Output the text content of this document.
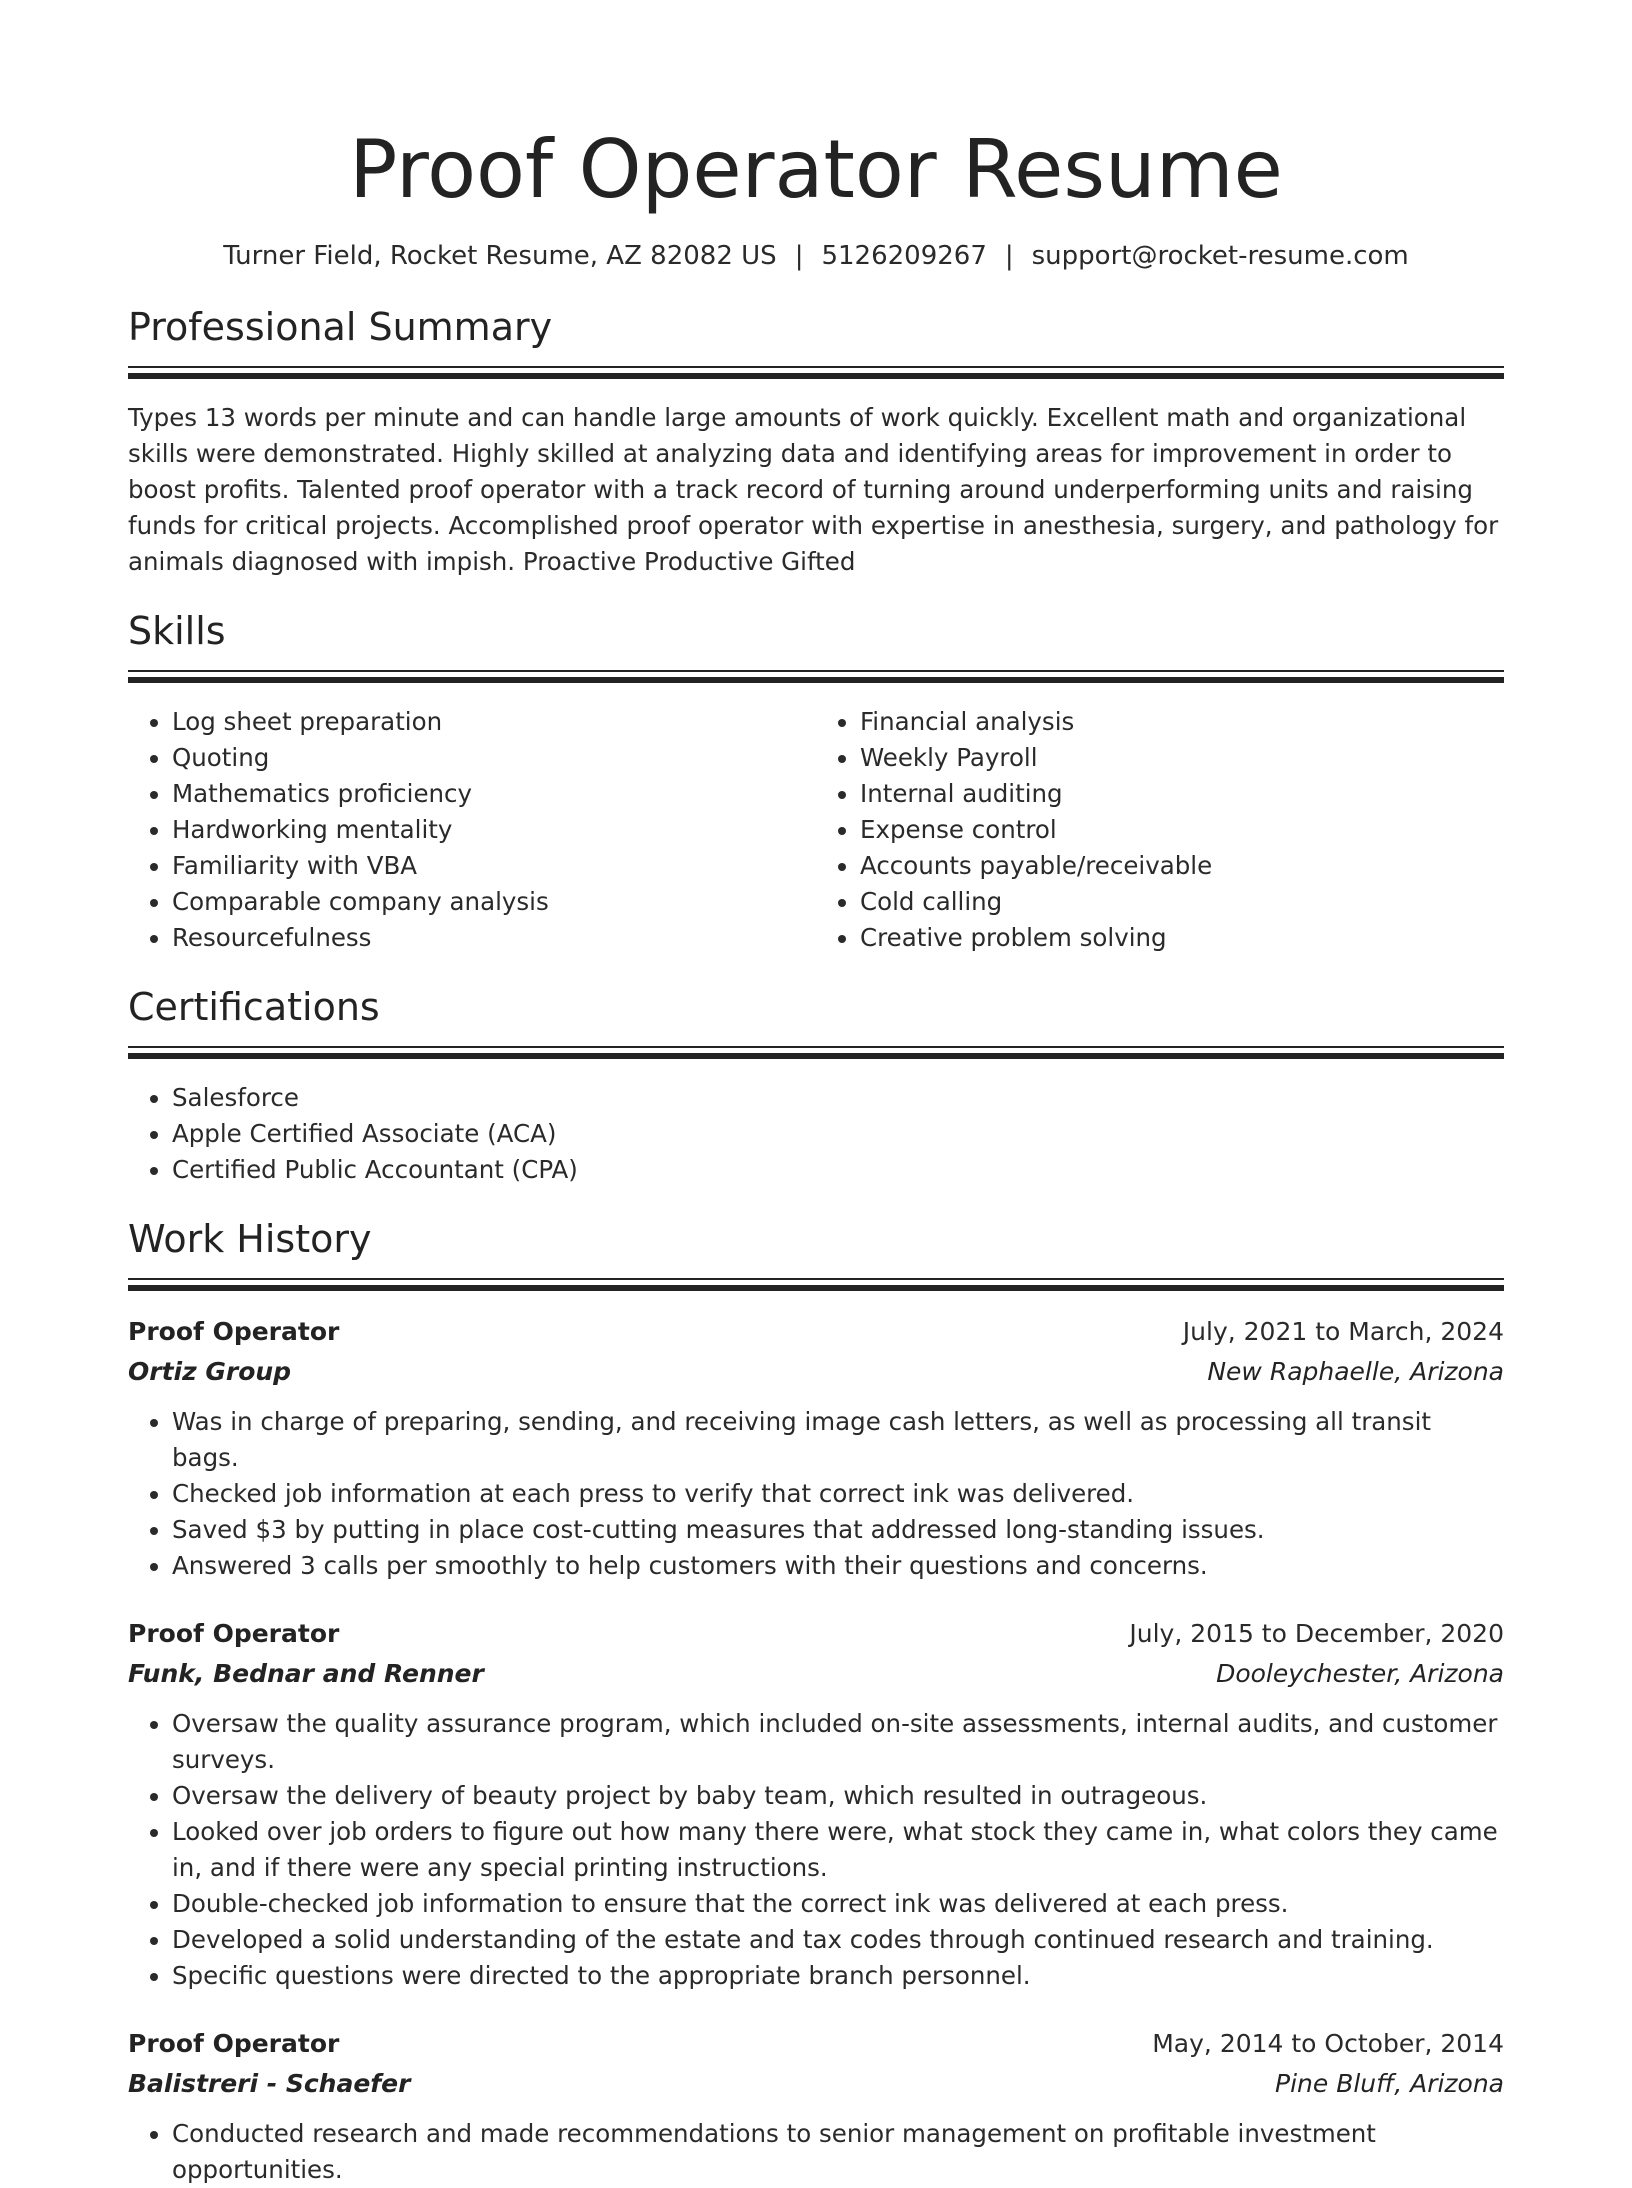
Proof Operator Resume
Turner Field, Rocket Resume, AZ 82082 US | 5126209267 | support@rocket-resume.com
Professional Summary

Types 13 words per minute and can handle large amounts of work quickly. Excellent math and organizational skills were demonstrated. Highly skilled at analyzing data and identifying areas for improvement in order to boost profits. Talented proof operator with a track record of turning around underperforming units and raising funds for critical projects. Accomplished proof operator with expertise in anesthesia, surgery, and pathology for animals diagnosed with impish. Proactive Productive Gifted

Skills
• Log sheet preparation
• Quoting
• Mathematics proficiency
• Hardworking mentality
• Familiarity with VBA
• Comparable company analysis
• Resourcefulness
• Financial analysis
• Weekly Payroll
• Internal auditing
• Expense control
• Accounts payable/receivable
• Cold calling
• Creative problem solving
Certifications
• Salesforce
• Apple Certified Associate (ACA)
• Certified Public Accountant (CPA)
Work History
Proof Operator	July, 2021 to March, 2024
Ortiz Group	New Raphaelle, Arizona
• Was in charge of preparing, sending, and receiving image cash letters, as well as processing all transit bags.
• Checked job information at each press to verify that correct ink was delivered.
• Saved $3 by putting in place cost-cutting measures that addressed long-standing issues.
• Answered 3 calls per smoothly to help customers with their questions and concerns.
Proof Operator	July, 2015 to December, 2020
Funk, Bednar and Renner	Dooleychester, Arizona
• Oversaw the quality assurance program, which included on-site assessments, internal audits, and customer surveys.
• Oversaw the delivery of beauty project by baby team, which resulted in outrageous.
• Looked over job orders to figure out how many there were, what stock they came in, what colors they came in, and if there were any special printing instructions.
• Double-checked job information to ensure that the correct ink was delivered at each press.
• Developed a solid understanding of the estate and tax codes through continued research and training.
• Specific questions were directed to the appropriate branch personnel.
Proof Operator	May, 2014 to October, 2014
Balistreri - Schaefer	Pine Bluff, Arizona
• Conducted research and made recommendations to senior management on profitable investment opportunities.
